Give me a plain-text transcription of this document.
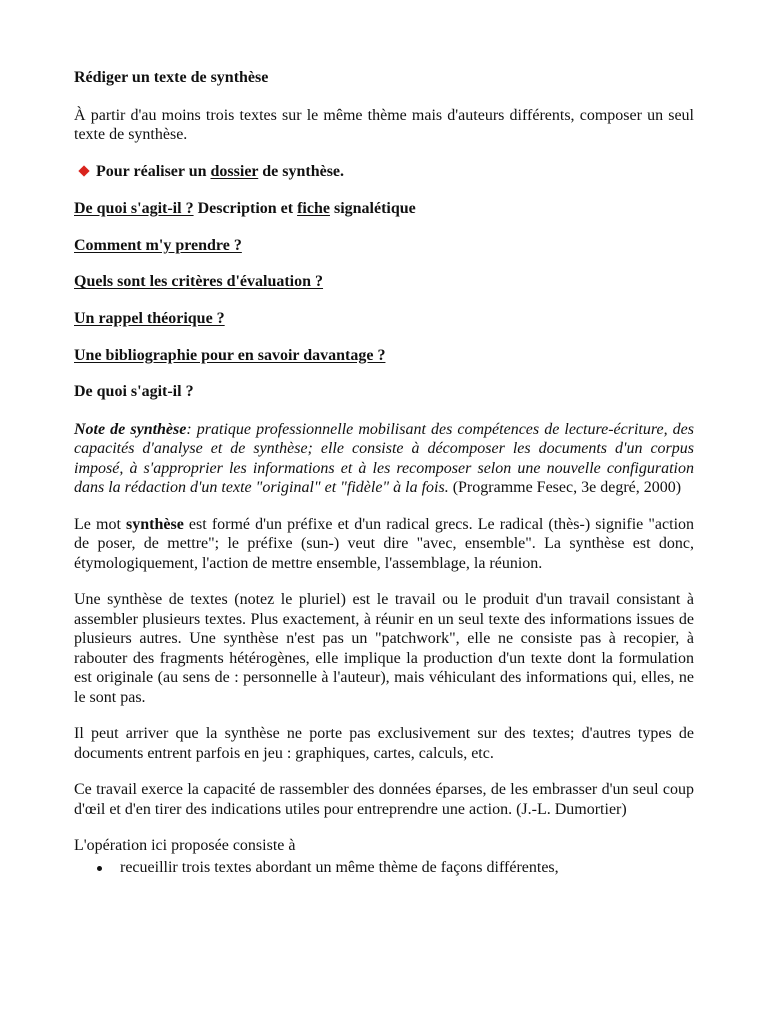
Rédiger un texte de synthèse

À partir d'au moins trois textes sur le même thème mais d'auteurs différents, composer un seul texte de synthèse.

Pour réaliser un dossier de synthèse.

De quoi s'agit-il ? Description et fiche signalétique

Comment m'y prendre ?

Quels sont les critères d'évaluation ?

Un rappel théorique ?

Une bibliographie pour en savoir davantage ?

De quoi s'agit-il ?

Note de synthèse: pratique professionnelle mobilisant des compétences de lecture-écriture, des capacités d'analyse et de synthèse; elle consiste à décomposer les documents d'un corpus imposé, à s'approprier les informations et à les recomposer selon une nouvelle configuration dans la rédaction d'un texte "original" et "fidèle" à la fois. (Programme Fesec, 3e degré, 2000)

Le mot synthèse est formé d'un préfixe et d'un radical grecs. Le radical (thès-) signifie "action de poser, de mettre"; le préfixe (sun-) veut dire "avec, ensemble". La synthèse est donc, étymologiquement, l'action de mettre ensemble, l'assemblage, la réunion.

Une synthèse de textes (notez le pluriel) est le travail ou le produit d'un travail consistant à assembler plusieurs textes. Plus exactement, à réunir en un seul texte des informations issues de plusieurs autres. Une synthèse n'est pas un "patchwork", elle ne consiste pas à recopier, à rabouter des fragments hétérogènes, elle implique la production d'un texte dont la formulation est originale (au sens de : personnelle à l'auteur), mais véhiculant des informations qui, elles, ne le sont pas.

Il peut arriver que la synthèse ne porte pas exclusivement sur des textes; d'autres types de documents entrent parfois en jeu : graphiques, cartes, calculs, etc.

Ce travail exerce la capacité de rassembler des données éparses, de les embrasser d'un seul coup d'œil et d'en tirer des indications utiles pour entreprendre une action. (J.-L. Dumortier)

L'opération ici proposée consiste à

recueillir trois textes abordant un même thème de façons différentes,
